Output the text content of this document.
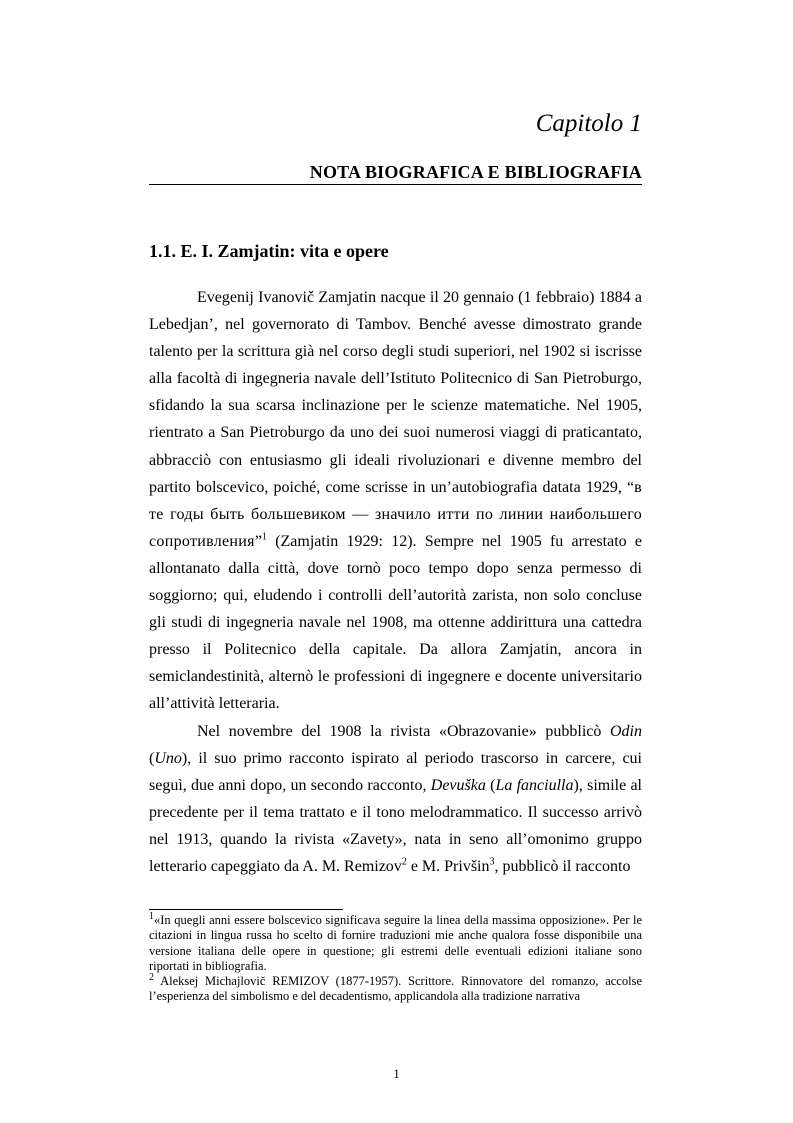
Capitolo 1
NOTA BIOGRAFICA E BIBLIOGRAFIA
1.1. E. I. Zamjatin: vita e opere

Evegenij Ivanovič Zamjatin nacque il 20 gennaio (1 febbraio) 1884 a Lebedjan’, nel governorato di Tambov. Benché avesse dimostrato grande talento per la scrittura già nel corso degli studi superiori, nel 1902 si iscrisse alla facoltà di ingegneria navale dell’Istituto Politecnico di San Pietroburgo, sfidando la sua scarsa inclinazione per le scienze matematiche. Nel 1905, rientrato a San Pietroburgo da uno dei suoi numerosi viaggi di praticantato, abbracciò con entusiasmo gli ideali rivoluzionari e divenne membro del partito bolscevico, poiché, come scrisse in un’autobiografia datata 1929, “в те годы быть большевиком — значило итти по линии наибольшего сопротивления”$^1$ (Zamjatin 1929: 12). Sempre nel 1905 fu arrestato e allontanato dalla città, dove tornò poco tempo dopo senza permesso di soggiorno; qui, eludendo i controlli dell’autorità zarista, non solo concluse gli studi di ingegneria navale nel 1908, ma ottenne addirittura una cattedra presso il Politecnico della capitale. Da allora Zamjatin, ancora in semiclandestinità, alternò le professioni di ingegnere e docente universitario all’attività letteraria.

Nel novembre del 1908 la rivista «Obrazovanie» pubblicò Odin (Uno), il suo primo racconto ispirato al periodo trascorso in carcere, cui seguì, due anni dopo, un secondo racconto, Devuška (La fanciulla), simile al precedente per il tema trattato e il tono melodrammatico. Il successo arrivò nel 1913, quando la rivista «Zavety», nata in seno all’omonimo gruppo letterario capeggiato da A. M. Remizov$^2$ e M. Privšin$^3$, pubblicò il racconto

$^1$«In quegli anni essere bolscevico significava seguire la linea della massima opposizione». Per le citazioni in lingua russa ho scelto di fornire traduzioni mie anche qualora fosse disponibile una versione italiana delle opere in questione; gli estremi delle eventuali edizioni italiane sono riportati in bibliografia.

$^2$ Aleksej Michajlovič REMIZOV (1877-1957). Scrittore. Rinnovatore del romanzo, accolse l’esperienza del simbolismo e del decadentismo, applicandola alla tradizione narrativa

1
